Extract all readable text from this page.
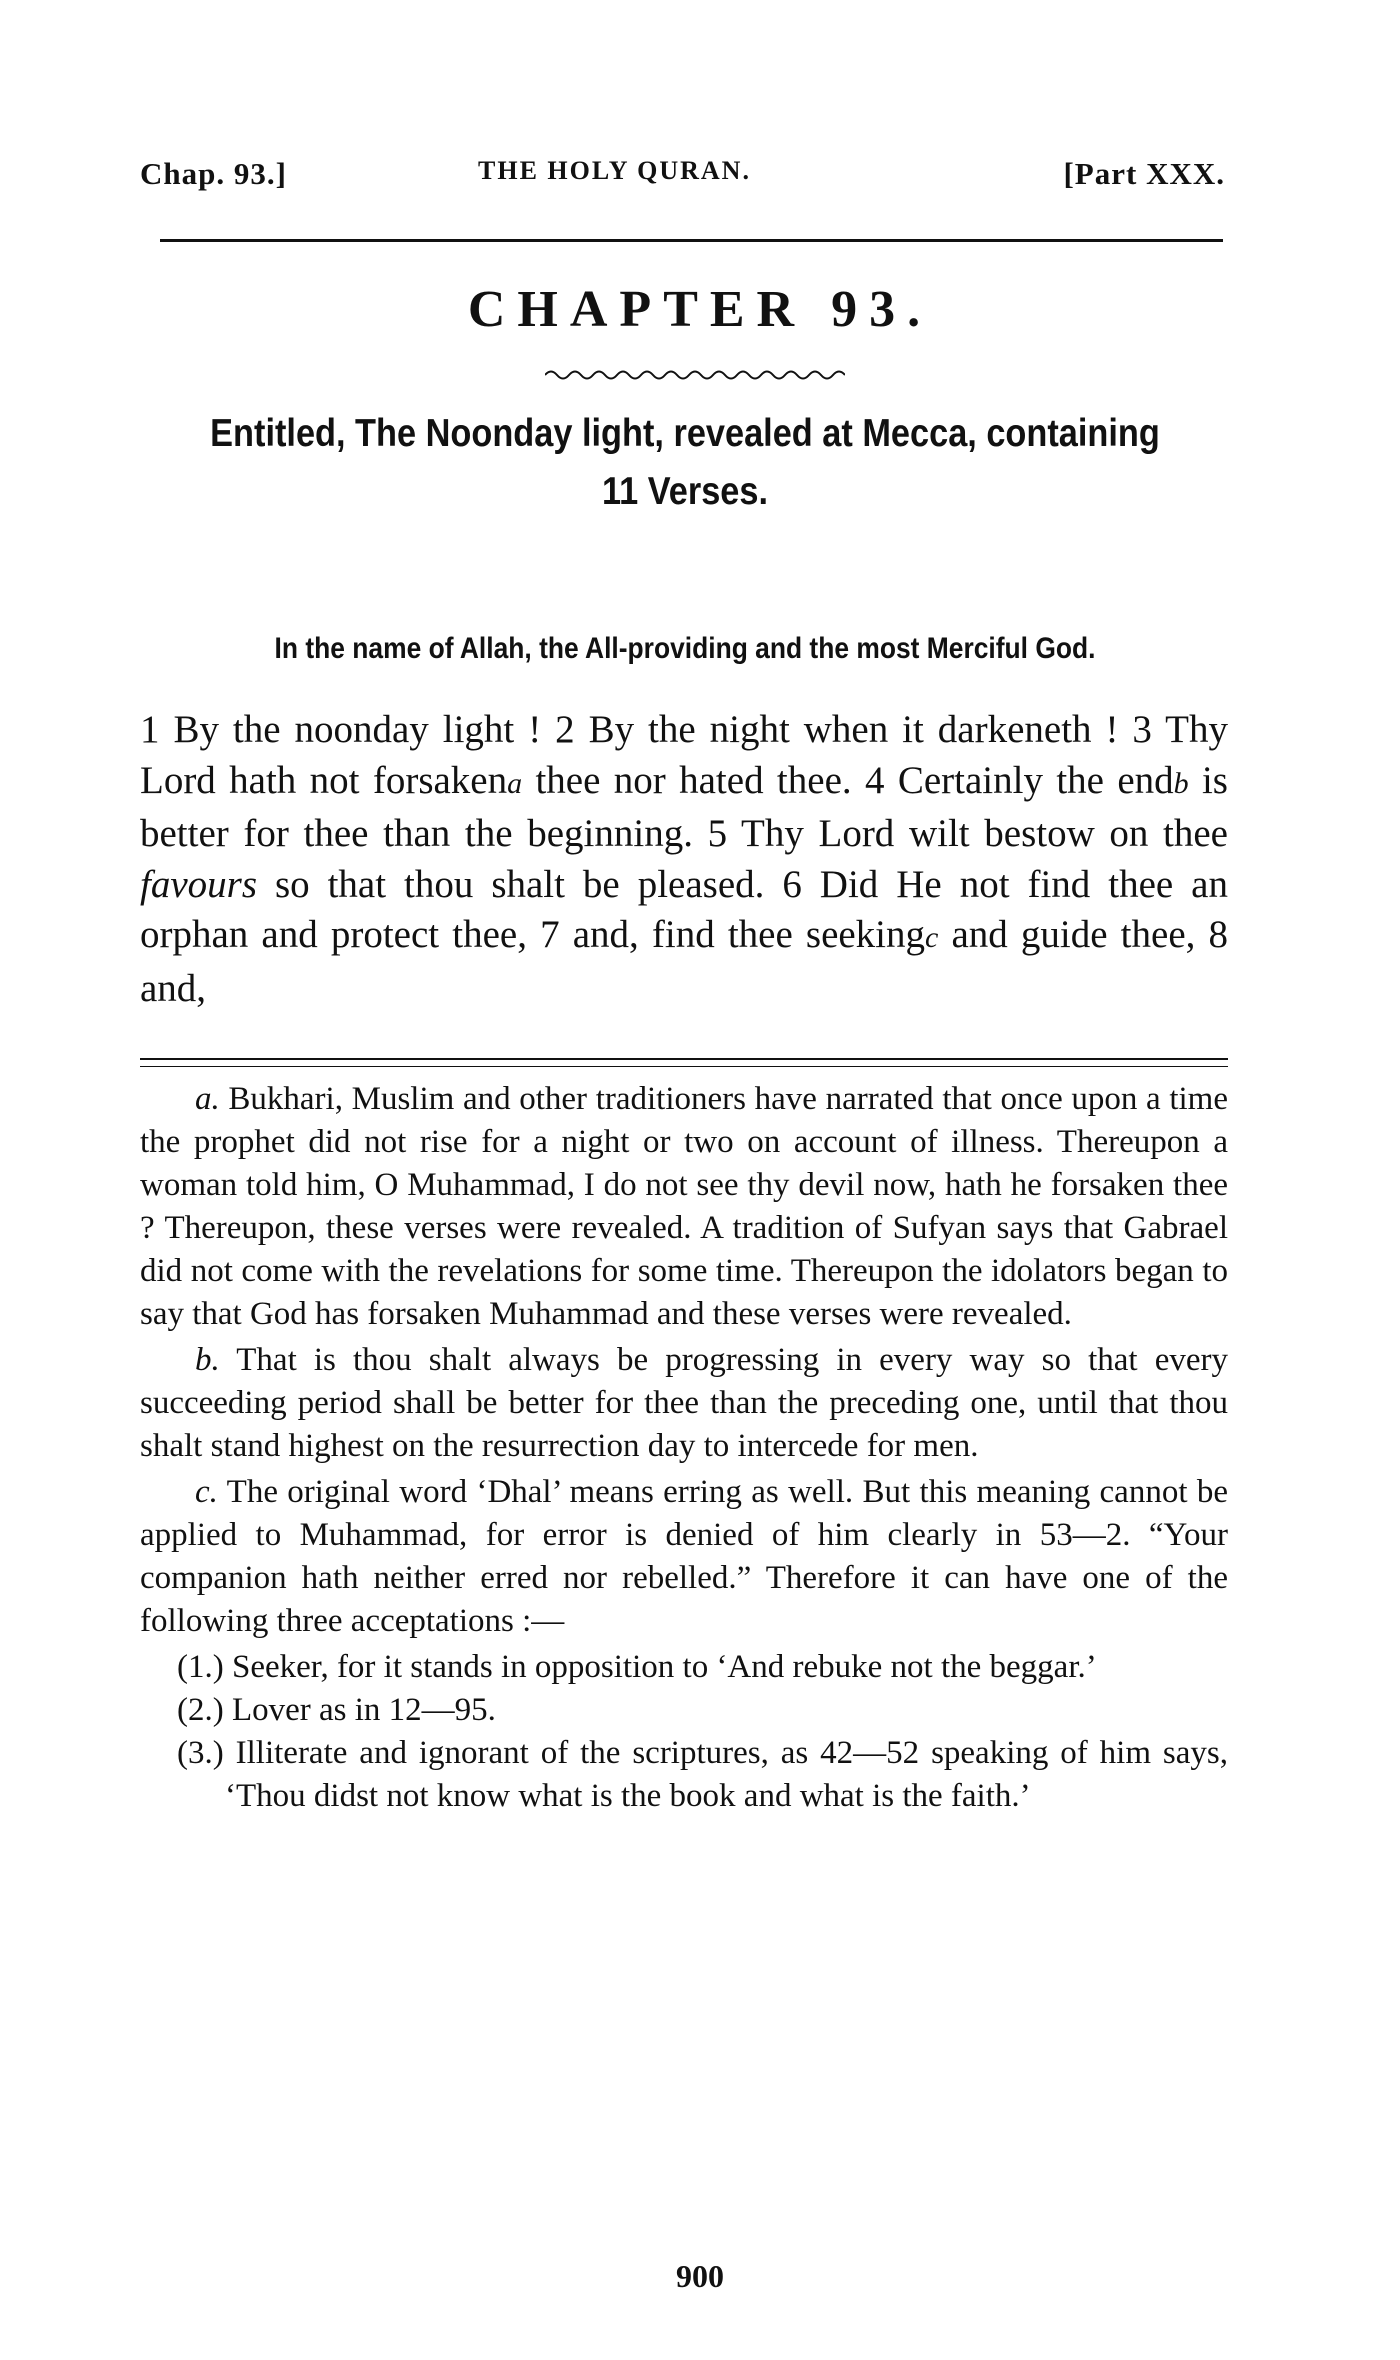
Chap. 93.]	THE HOLY QURAN.	[Part XXX.
CHAPTER 93.
Entitled, The Noonday light, revealed at Mecca, containing
11 Verses.
In the name of Allah, the All-providing and the most Merciful God.
1 By the noonday light ! 2 By the night when it darkeneth ! 3 Thy Lord hath not forsakena thee nor hated thee. 4 Certainly the endb is better for thee than the beginning. 5 Thy Lord wilt bestow on thee favours so that thou shalt be pleased. 6 Did He not find thee an orphan and protect thee, 7 and, find thee seekingc and guide thee, 8 and,

a. Bukhari, Muslim and other traditioners have narrated that once upon a time the prophet did not rise for a night or two on account of illness. Thereupon a woman told him, O Muhammad, I do not see thy devil now, hath he forsaken thee ? Thereupon, these verses were revealed. A tradition of Sufyan says that Gabrael did not come with the revelations for some time. Thereupon the idolators began to say that God has forsaken Muhammad and these verses were revealed.

b. That is thou shalt always be progressing in every way so that every succeeding period shall be better for thee than the preceding one, until that thou shalt stand highest on the resurrection day to intercede for men.

c. The original word ‘Dhal’ means erring as well. But this meaning cannot be applied to Muhammad, for error is denied of him clearly in 53—2. “Your companion hath neither erred nor rebelled.” Therefore it can have one of the following three acceptations :—

(1.) Seeker, for it stands in opposition to ‘And rebuke not the beggar.’
(2.) Lover as in 12—95.
(3.) Illiterate and ignorant of the scriptures, as 42—52 speaking of him says, ‘Thou didst not know what is the book and what is the faith.’
900
